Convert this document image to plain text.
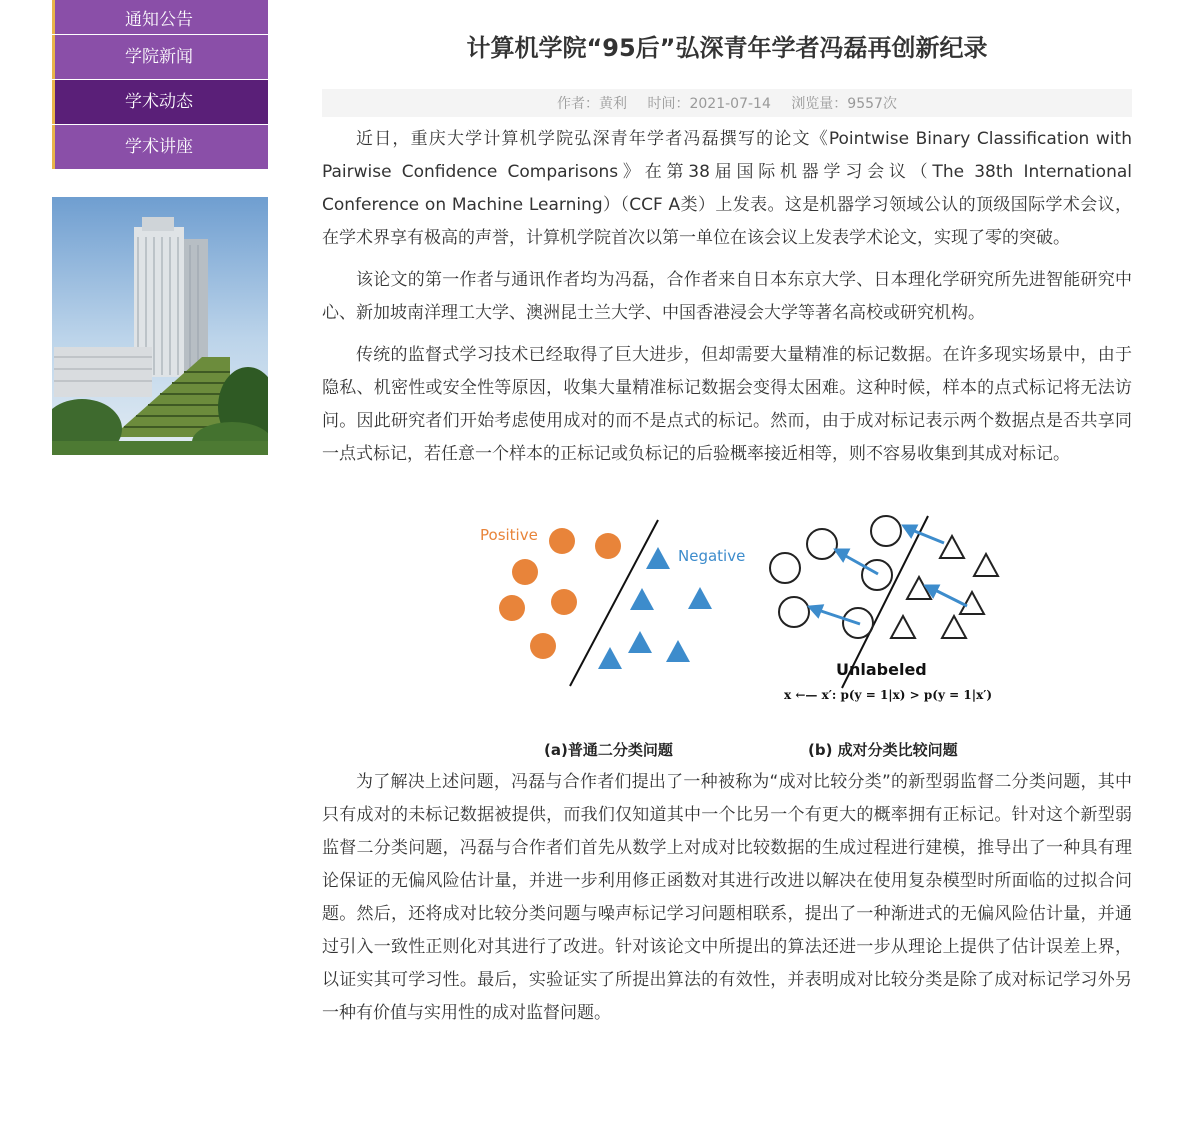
通知公告
学院新闻
学术动态
学术讲座
计算机学院“95后”弘深青年学者冯磊再创新纪录
作者：黄利 时间：2021-07-14 浏览量：9557次

近日，重庆大学计算机学院弘深青年学者冯磊撰写的论文《Pointwise Binary Classification with Pairwise Confidence Comparisons》在第38届国际机器学习会议（The 38th International Conference on Machine Learning）（CCF A类）上发表。这是机器学习领域公认的顶级国际学术会议，在学术界享有极高的声誉，计算机学院首次以第一单位在该会议上发表学术论文，实现了零的突破。

该论文的第一作者与通讯作者均为冯磊，合作者来自日本东京大学、日本理化学研究所先进智能研究中心、新加坡南洋理工大学、澳洲昆士兰大学、中国香港浸会大学等著名高校或研究机构。

传统的监督式学习技术已经取得了巨大进步，但却需要大量精准的标记数据。在许多现实场景中，由于隐私、机密性或安全性等原因，收集大量精准标记数据会变得太困难。这种时候，样本的点式标记将无法访问。因此研究者们开始考虑使用成对的而不是点式的标记。然而，由于成对标记表示两个数据点是否共享同一点式标记，若任意一个样本的正标记或负标记的后验概率接近相等，则不容易收集到其成对标记。

Positive
Negative
Unlabeled
x ←— x′: p(y = 1|x) > p(y = 1|x′)
(a)普通二分类问题	(b) 成对分类比较问题

为了解决上述问题，冯磊与合作者们提出了一种被称为“成对比较分类”的新型弱监督二分类问题，其中只有成对的未标记数据被提供，而我们仅知道其中一个比另一个有更大的概率拥有正标记。针对这个新型弱监督二分类问题，冯磊与合作者们首先从数学上对成对比较数据的生成过程进行建模，推导出了一种具有理论保证的无偏风险估计量，并进一步利用修正函数对其进行改进以解决在使用复杂模型时所面临的过拟合问题。然后，还将成对比较分类问题与噪声标记学习问题相联系，提出了一种渐进式的无偏风险估计量，并通过引入一致性正则化对其进行了改进。针对该论文中所提出的算法还进一步从理论上提供了估计误差上界，以证实其可学习性。最后，实验证实了所提出算法的有效性，并表明成对比较分类是除了成对标记学习外另一种有价值与实用性的成对监督问题。
